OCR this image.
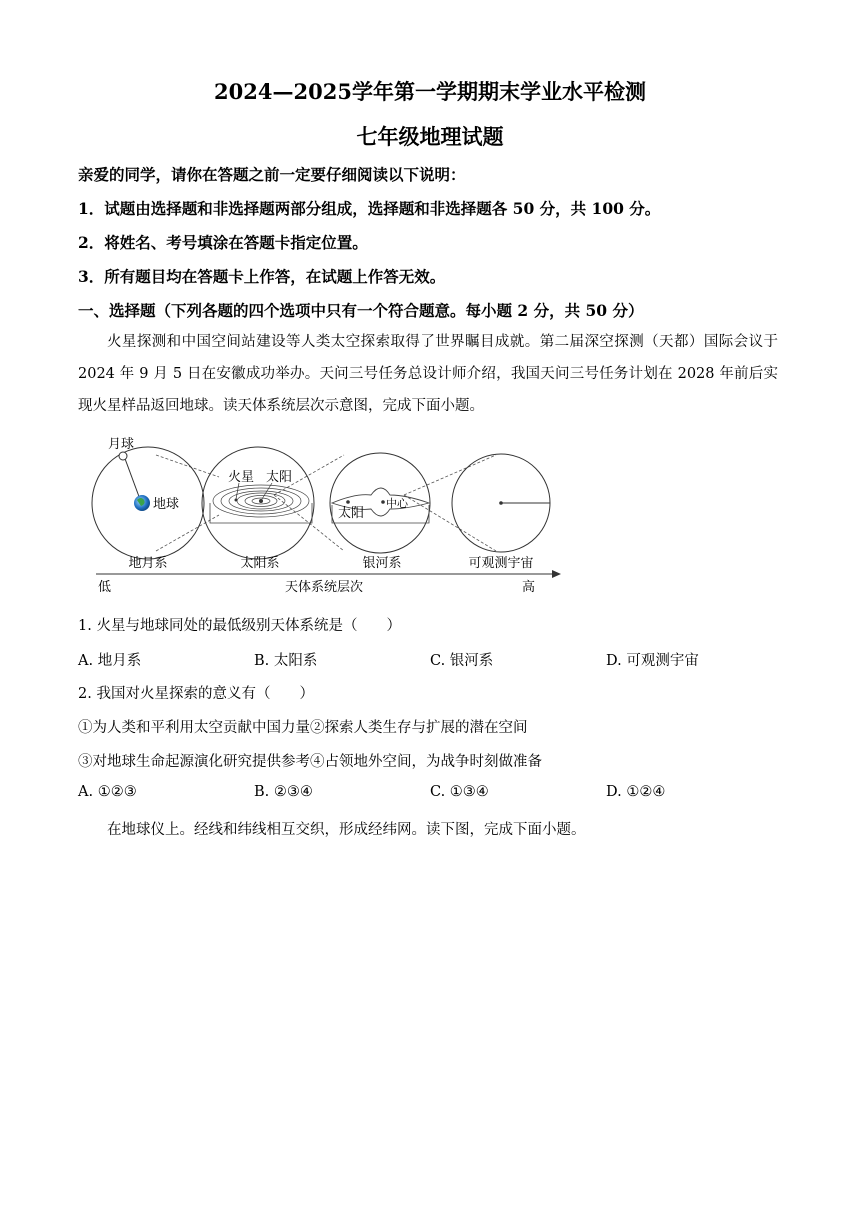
2024—2025学年第一学期期末学业水平检测
七年级地理试题
亲爱的同学，请你在答题之前一定要仔细阅读以下说明：
1．试题由选择题和非选择题两部分组成，选择题和非选择题各 50 分，共 100 分。
2．将姓名、考号填涂在答题卡指定位置。
3．所有题目均在答题卡上作答，在试题上作答无效。
一、选择题（下列各题的四个选项中只有一个符合题意。每小题 2 分，共 50 分）
火星探测和中国空间站建设等人类太空探索取得了世界瞩目成就。第二届深空探测（天都）国际会议于 2024 年 9 月 5 日在安徽成功举办。天问三号任务总设计师介绍，我国天问三号任务计划在 2028 年前后实现火星样品返回地球。读天体系统层次示意图，完成下面小题。
月球
地球
火星 太阳
太阳
中心
地月系	太阳系	银河系	可观测宇宙
低	天体系统层次	高
1. 火星与地球同处的最低级别天体系统是（　　）
A. 地月系	B. 太阳系	C. 银河系	D. 可观测宇宙
2. 我国对火星探索的意义有（　　）
①为人类和平利用太空贡献中国力量②探索人类生存与扩展的潜在空间
③对地球生命起源演化研究提供参考④占领地外空间，为战争时刻做准备
A. ①②③	B. ②③④	C. ①③④	D. ①②④
在地球仪上。经线和纬线相互交织，形成经纬网。读下图，完成下面小题。
